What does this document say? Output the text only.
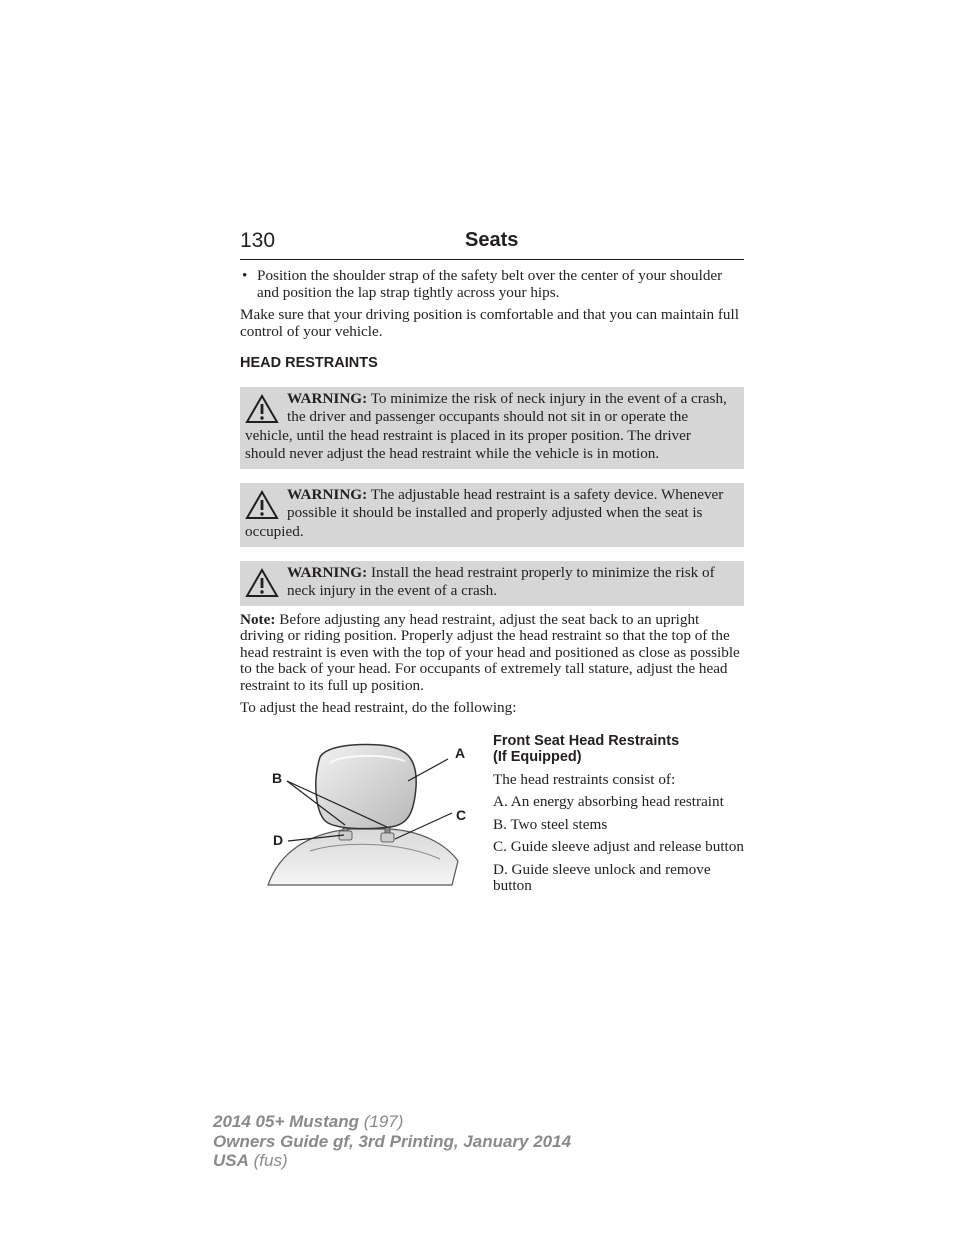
130	Seats
• Position the shoulder strap of the safety belt over the center of your shoulder and position the lap strap tightly across your hips.

Make sure that your driving position is comfortable and that you can maintain full control of your vehicle.

HEAD RESTRAINTS
WARNING: To minimize the risk of neck injury in the event of a crash, the driver and passenger occupants should not sit in or operate the vehicle, until the head restraint is placed in its proper position. The driver should never adjust the head restraint while the vehicle is in motion.
WARNING: The adjustable head restraint is a safety device. Whenever possible it should be installed and properly adjusted when the seat is occupied.
WARNING: Install the head restraint properly to minimize the risk of neck injury in the event of a crash.

Note: Before adjusting any head restraint, adjust the seat back to an upright driving or riding position. Properly adjust the head restraint so that the top of the head restraint is even with the top of your head and positioned as close as possible to the back of your head. For occupants of extremely tall stature, adjust the head restraint to its full up position.

To adjust the head restraint, do the following:

A
B
C
D
Front Seat Head Restraints
(If Equipped)

The head restraints consist of:

A. An energy absorbing head restraint

B. Two steel stems

C. Guide sleeve adjust and release button

D. Guide sleeve unlock and remove button

2014 05+ Mustang (197)
Owners Guide gf, 3rd Printing, January 2014
USA (fus)
